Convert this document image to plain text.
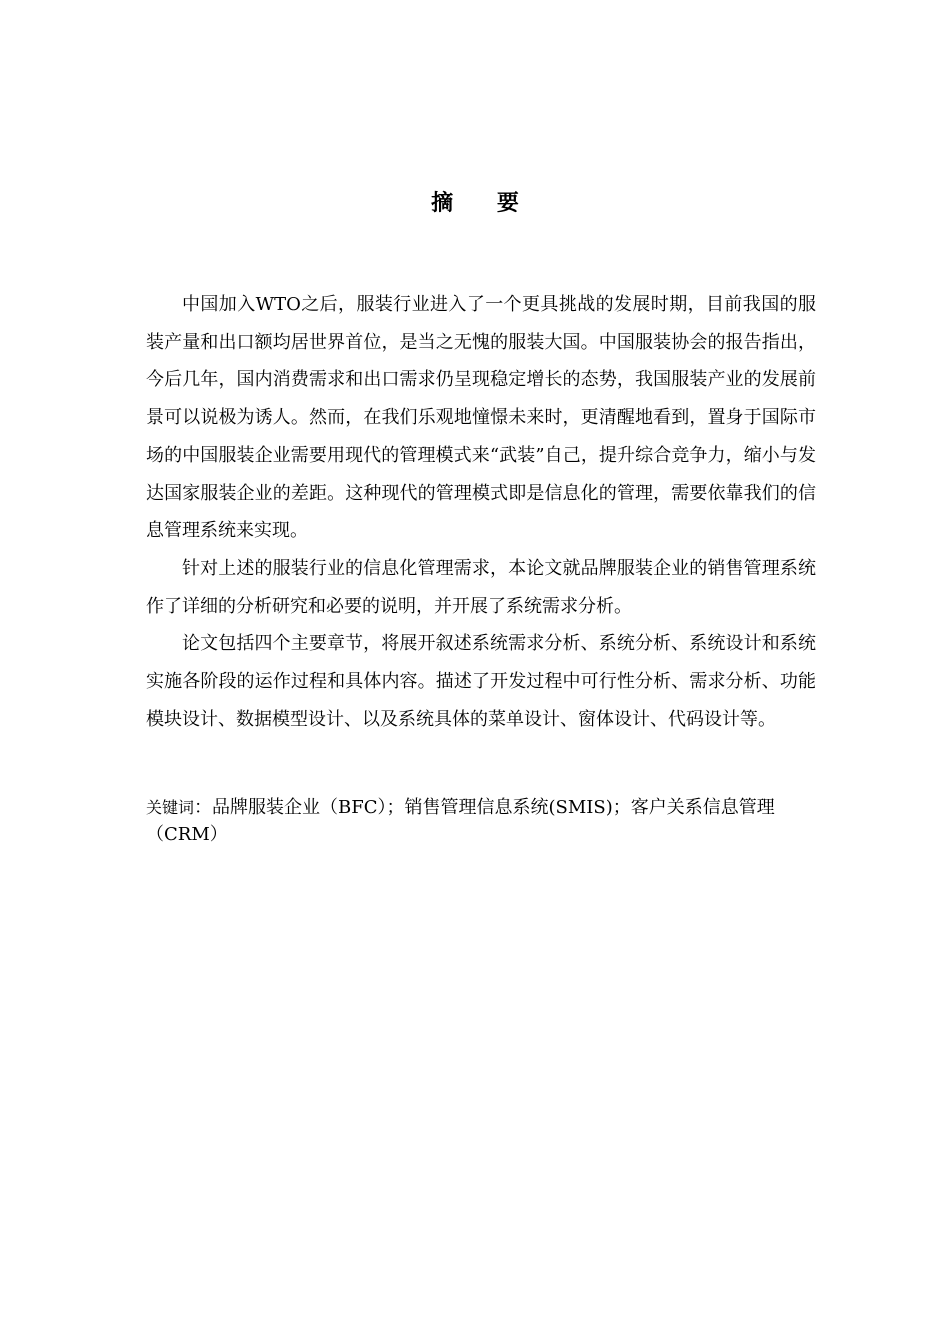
摘 要

中国加入WTO之后，服装行业进入了一个更具挑战的发展时期，目前我国的服装产量和出口额均居世界首位，是当之无愧的服装大国。中国服装协会的报告指出，今后几年，国内消费需求和出口需求仍呈现稳定增长的态势，我国服装产业的发展前景可以说极为诱人。然而，在我们乐观地憧憬未来时，更清醒地看到，置身于国际市场的中国服装企业需要用现代的管理模式来“武装”自己，提升综合竞争力，缩小与发达国家服装企业的差距。这种现代的管理模式即是信息化的管理，需要依靠我们的信息管理系统来实现。

针对上述的服装行业的信息化管理需求，本论文就品牌服装企业的销售管理系统作了详细的分析研究和必要的说明，并开展了系统需求分析。

论文包括四个主要章节，将展开叙述系统需求分析、系统分析、系统设计和系统实施各阶段的运作过程和具体内容。描述了开发过程中可行性分析、需求分析、功能模块设计、数据模型设计、以及系统具体的菜单设计、窗体设计、代码设计等。

关键词：品牌服装企业（BFC）；销售管理信息系统(SMIS)；客户关系信息管理（CRM）
